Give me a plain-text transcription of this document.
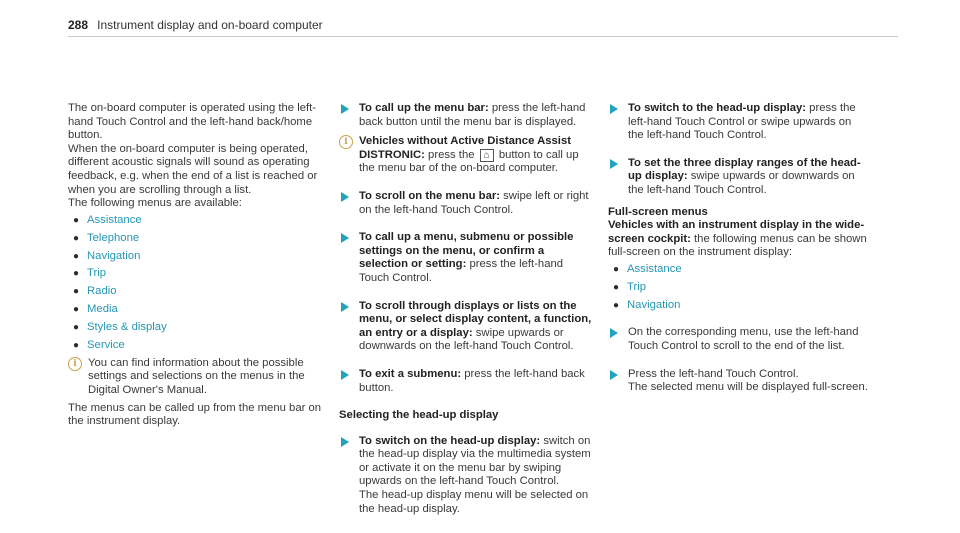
288 Instrument display and on-board computer

The on-board computer is operated using the left-hand Touch Control and the left-hand back/home button.

When the on-board computer is being operated, different acoustic signals will sound as operating feedback, e.g. when the end of a list is reached or when you are scrolling through a list.

The following menus are available:

● Assistance
● Telephone
● Navigation
● Trip
● Radio
● Media
● Styles & display
● Service
i You can find information about the possible settings and selections on the menus in the Digital Owner's Manual.

The menus can be called up from the menu bar on the instrument display.

To call up the menu bar: press the left-hand back button until the menu bar is displayed.
i Vehicles without Active Distance Assist DISTRONIC: press the ⌂ button to call up the menu bar of the on-board computer.
To scroll on the menu bar: swipe left or right on the left-hand Touch Control.
To call up a menu, submenu or possible settings on the menu, or confirm a selection or setting: press the left-hand Touch Control.
To scroll through displays or lists on the menu, or select display content, a function, an entry or a display: swipe upwards or downwards on the left-hand Touch Control.
To exit a submenu: press the left-hand back button.

Selecting the head-up display

To switch on the head-up display: switch on the head-up display via the multimedia system or activate it on the menu bar by swiping upwards on the left-hand Touch Control.
The head-up display menu will be selected on the head-up display.
To switch to the head-up display: press the left-hand Touch Control or swipe upwards on the left-hand Touch Control.
To set the three display ranges of the head-up display: swipe upwards or downwards on the left-hand Touch Control.

Full-screen menus

Vehicles with an instrument display in the wide-screen cockpit: the following menus can be shown full-screen on the instrument display:

● Assistance
● Trip
● Navigation
On the corresponding menu, use the left-hand Touch Control to scroll to the end of the list.
Press the left-hand Touch Control.
The selected menu will be displayed full-screen.
